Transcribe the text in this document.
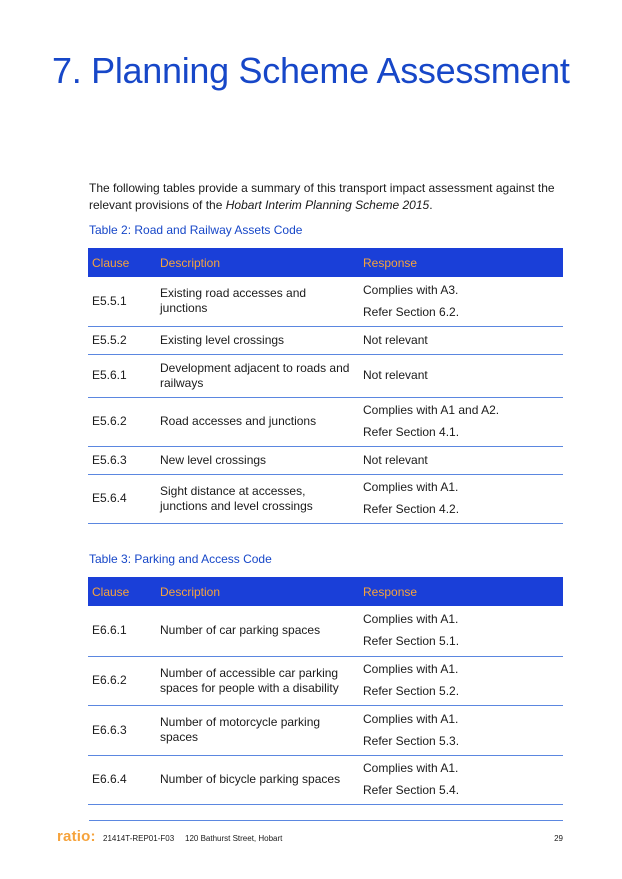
7. Planning Scheme Assessment

The following tables provide a summary of this transport impact assessment against the relevant provisions of the Hobart Interim Planning Scheme 2015.

Table 2: Road and Railway Assets Code

Clause	Description	Response
E5.5.1	Existing road accesses and junctions	Complies with A3.
Refer Section 6.2.

E5.5.2	Existing level crossings	Not relevant

E5.6.1	Development adjacent to roads and railways	Not relevant

E5.6.2	Road accesses and junctions	Complies with A1 and A2.
Refer Section 4.1.

E5.6.3	New level crossings	Not relevant

E5.6.4	Sight distance at accesses, junctions and level crossings	Complies with A1.
Refer Section 4.2.

Table 3: Parking and Access Code

Clause	Description	Response
E6.6.1	Number of car parking spaces	Complies with A1.
Refer Section 5.1.

E6.6.2	Number of accessible car parking spaces for people with a disability	Complies with A1.
Refer Section 5.2.

E6.6.3	Number of motorcycle parking spaces	Complies with A1.
Refer Section 5.3.

E6.6.4	Number of bicycle parking spaces	Complies with A1.
Refer Section 5.4.
ratio: 21414T-REP01-F03 120 Bathurst Street, Hobart	29
